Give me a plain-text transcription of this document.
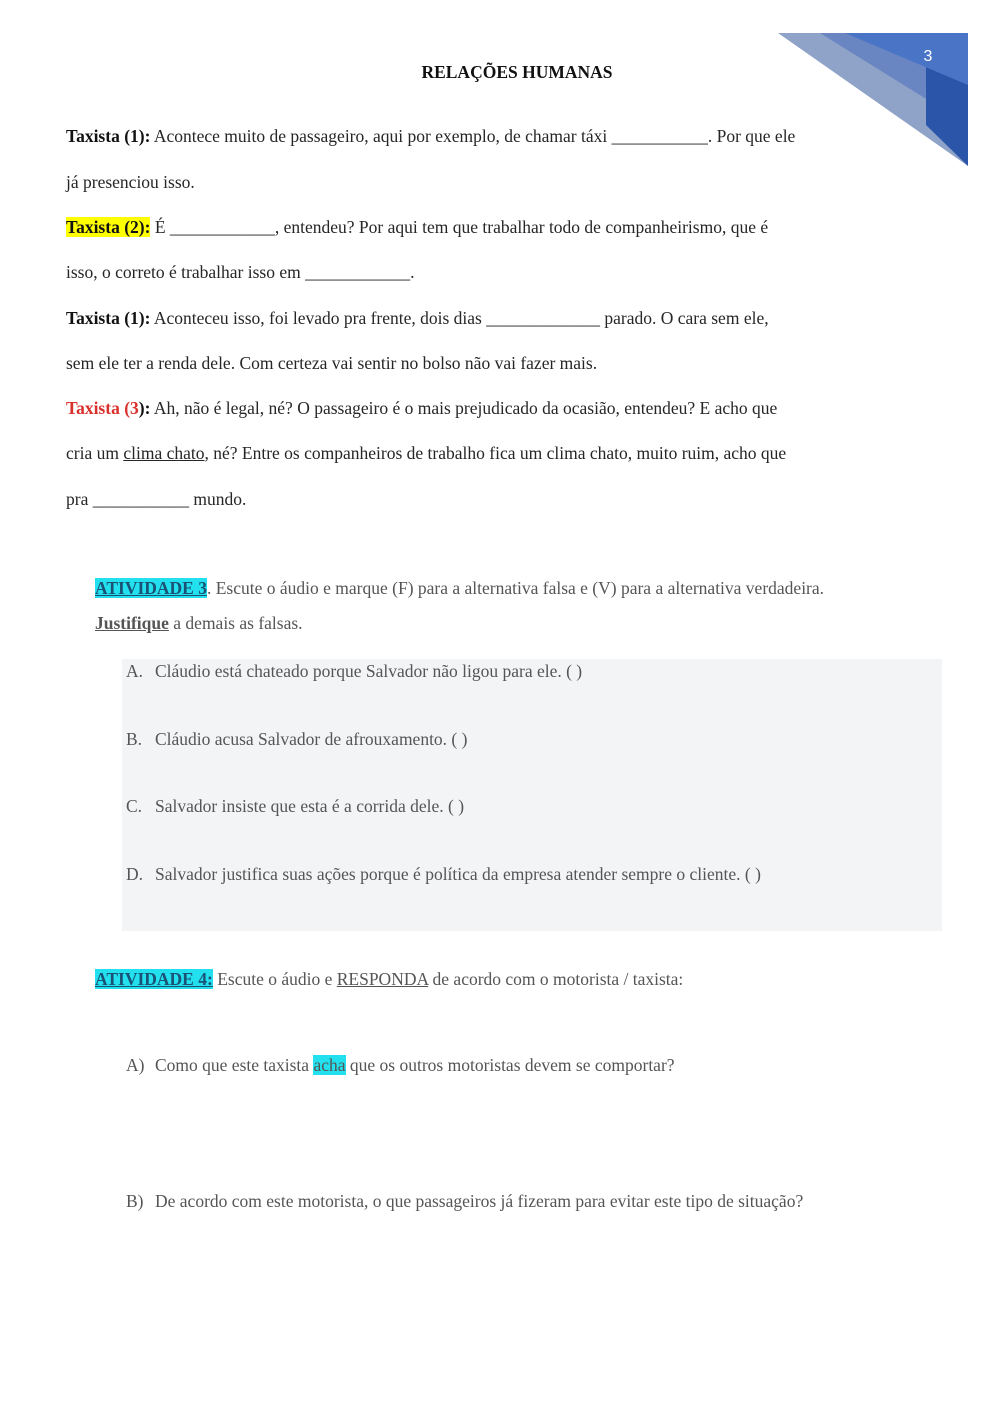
3
RELAÇÕES HUMANAS
Taxista (1): Acontece muito de passageiro, aqui por exemplo, de chamar táxi ___________. Por que ele
já presenciou isso.
Taxista (2): É ____________, entendeu? Por aqui tem que trabalhar todo de companheirismo, que é
isso, o correto é trabalhar isso em ____________.
Taxista (1): Aconteceu isso, foi levado pra frente, dois dias _____________ parado. O cara sem ele,
sem ele ter a renda dele. Com certeza vai sentir no bolso não vai fazer mais.
Taxista (3): Ah, não é legal, né? O passageiro é o mais prejudicado da ocasião, entendeu? E acho que
cria um clima chato, né? Entre os companheiros de trabalho fica um clima chato, muito ruim, acho que
pra ___________ mundo.
ATIVIDADE 3. Escute o áudio e marque (F) para a alternativa falsa e (V) para a alternativa verdadeira.
Justifique a demais as falsas.
A. Cláudio está chateado porque Salvador não ligou para ele. ( )
B. Cláudio acusa Salvador de afrouxamento. ( )
C. Salvador insiste que esta é a corrida dele. ( )
D. Salvador justifica suas ações porque é política da empresa atender sempre o cliente. ( )
ATIVIDADE 4: Escute o áudio e RESPONDA de acordo com o motorista / taxista:
A) Como que este taxista acha que os outros motoristas devem se comportar?
B) De acordo com este motorista, o que passageiros já fizeram para evitar este tipo de situação?
